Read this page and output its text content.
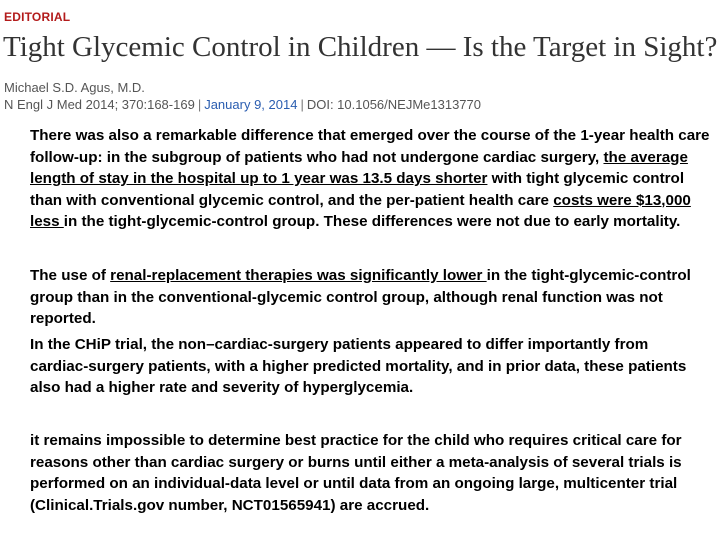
EDITORIAL
Tight Glycemic Control in Children — Is the Target in Sight?
Michael S.D. Agus, M.D.
N Engl J Med 2014; 370:168-169 | January 9, 2014 | DOI: 10.1056/NEJMe1313770

There was also a remarkable difference that emerged over the course of the 1-year health care follow-up: in the subgroup of patients who had not undergone cardiac surgery, the average length of stay in the hospital up to 1 year was 13.5 days shorter with tight glycemic control than with conventional glycemic control, and the per-patient health care costs were $13,000 less in the tight-glycemic-control group. These differences were not due to early mortality.

The use of renal-replacement therapies was significantly lower in the tight-glycemic-control group than in the conventional-glycemic control group, although renal function was not reported.

In the CHiP trial, the non–cardiac-surgery patients appeared to differ importantly from cardiac-surgery patients, with a higher predicted mortality, and in prior data, these patients also had a higher rate and severity of hyperglycemia.

it remains impossible to determine best practice for the child who requires critical care for reasons other than cardiac surgery or burns until either a meta-analysis of several trials is performed on an individual-data level or until data from an ongoing large, multicenter trial (Clinical.Trials.gov number, NCT01565941) are accrued.
